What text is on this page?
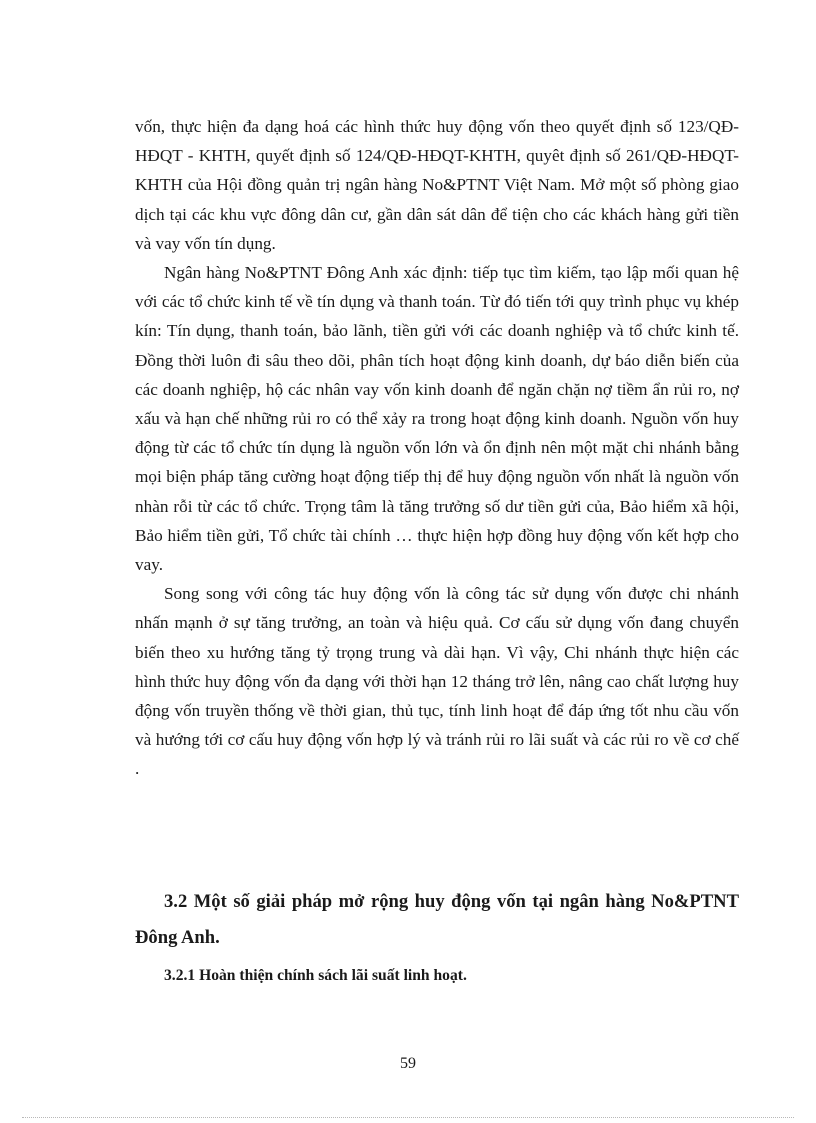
vốn, thực hiện đa dạng hoá các hình thức huy động vốn theo quyết định số 123/QĐ-HĐQT - KHTH, quyết định số 124/QĐ-HĐQT-KHTH, quyêt định số 261/QĐ-HĐQT-KHTH của Hội đồng quản trị ngân hàng No&PTNT Việt Nam. Mở một số phòng giao dịch tại các khu vực đông dân cư, gần dân sát dân để tiện cho các khách hàng gửi tiền và vay vốn tín dụng.

Ngân hàng No&PTNT Đông Anh xác định: tiếp tục tìm kiếm, tạo lập mối quan hệ với các tổ chức kinh tế về tín dụng và thanh toán. Từ đó tiến tới quy trình phục vụ khép kín: Tín dụng, thanh toán, bảo lãnh, tiền gửi với các doanh nghiệp và tổ chức kinh tế. Đồng thời luôn đi sâu theo dõi, phân tích hoạt động kinh doanh, dự báo diễn biến của các doanh nghiệp, hộ các nhân vay vốn kinh doanh để ngăn chặn nợ tiềm ẩn rủi ro, nợ xấu và hạn chế những rủi ro có thể xảy ra trong hoạt động kinh doanh. Nguồn vốn huy động từ các tổ chức tín dụng là nguồn vốn lớn và ổn định nên một mặt chi nhánh bằng mọi biện pháp tăng cường hoạt động tiếp thị để huy động nguồn vốn nhất là nguồn vốn nhàn rỗi từ các tổ chức. Trọng tâm là tăng trưởng số dư tiền gửi của, Bảo hiểm xã hội, Bảo hiểm tiền gửi, Tổ chức tài chính … thực hiện hợp đồng huy động vốn kết hợp cho vay.

Song song với công tác huy động vốn là công tác sử dụng vốn được chi nhánh nhấn mạnh ở sự tăng trưởng, an toàn và hiệu quả. Cơ cấu sử dụng vốn đang chuyển biến theo xu hướng tăng tỷ trọng trung và dài hạn. Vì vậy, Chi nhánh thực hiện các hình thức huy động vốn đa dạng với thời hạn 12 tháng trở lên, nâng cao chất lượng huy động vốn truyền thống về thời gian, thủ tục, tính linh hoạt để đáp ứng tốt nhu cầu vốn và hướng tới cơ cấu huy động vốn hợp lý và tránh rủi ro lãi suất và các rủi ro về cơ chế .

3.2 Một số giải pháp mở rộng huy động vốn tại ngân hàng No&PTNT Đông Anh.
3.2.1 Hoàn thiện chính sách lãi suất linh hoạt.
59
